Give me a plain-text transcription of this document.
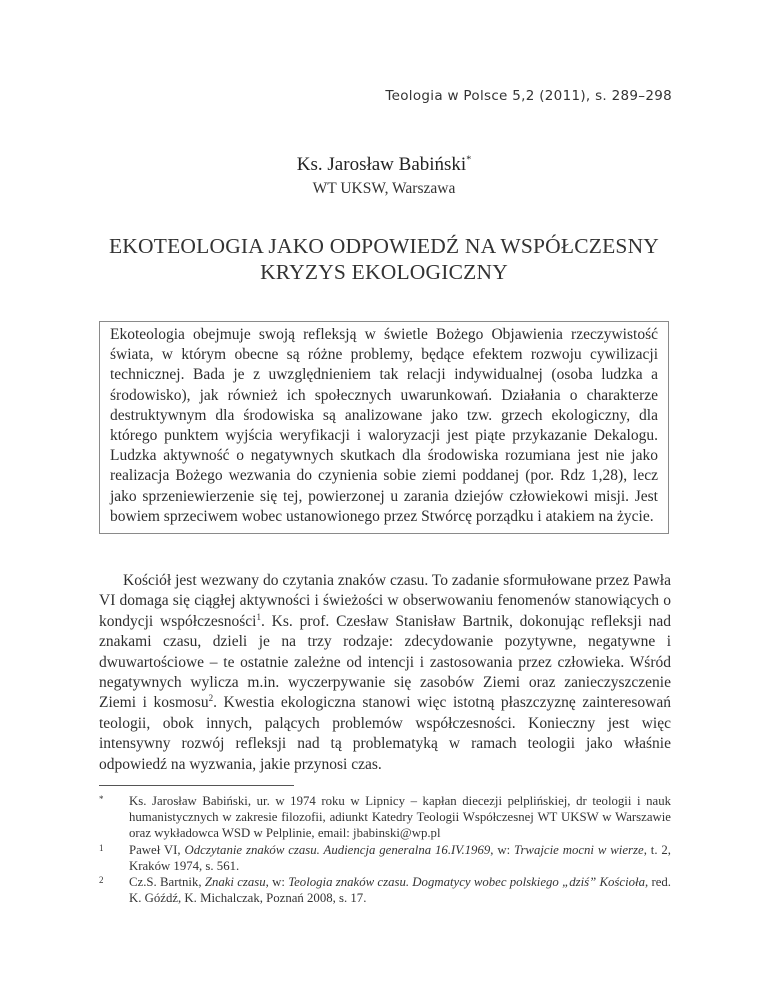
Teologia w Polsce 5,2 (2011), s. 289–298
Ks. Jarosław Babiński*
WT UKSW, Warszawa
EKOTEOLOGIA JAKO ODPOWIEDŹ NA WSPÓŁCZESNY
KRYZYS EKOLOGICZNY
Ekoteologia obejmuje swoją refleksją w świetle Bożego Objawienia rzeczywistość świata, w którym obecne są różne problemy, będące efektem rozwoju cywilizacji technicznej. Bada je z uwzględnieniem tak relacji indywidualnej (osoba ludzka a środowisko), jak również ich społecznych uwarunkowań. Działania o charakterze destruktywnym dla środowiska są analizowane jako tzw. grzech ekologiczny, dla którego punktem wyjścia weryfikacji i waloryzacji jest piąte przykazanie Dekalogu. Ludzka aktywność o negatywnych skutkach dla środowiska rozumiana jest nie jako realizacja Bożego wezwania do czynienia sobie ziemi poddanej (por. Rdz 1,28), lecz jako sprzeniewierzenie się tej, powierzonej u zarania dziejów człowiekowi misji. Jest bowiem sprzeciwem wobec ustanowionego przez Stwórcę porządku i atakiem na życie.

Kościół jest wezwany do czytania znaków czasu. To zadanie sformułowane przez Pawła VI domaga się ciągłej aktywności i świeżości w obserwowaniu fenomenów stanowiących o kondycji współczesności$^1$. Ks. prof. Czesław Stanisław Bartnik, dokonując refleksji nad znakami czasu, dzieli je na trzy rodzaje: zdecydowanie pozytywne, negatywne i dwuwartościowe – te ostatnie zależne od intencji i zastosowania przez człowieka. Wśród negatywnych wylicza m.in. wyczerpywanie się zasobów Ziemi oraz zanieczyszczenie Ziemi i kosmosu$^2$. Kwestia ekologiczna stanowi więc istotną płaszczyznę zainteresowań teologii, obok innych, palących problemów współczesności. Konieczny jest więc intensywny rozwój refleksji nad tą problematyką w ramach teologii jako właśnie odpowiedź na wyzwania, jakie przynosi czas.

* Ks. Jarosław Babiński, ur. w 1974 roku w Lipnicy – kapłan diecezji pelplińskiej, dr teologii i nauk humanistycznych w zakresie filozofii, adiunkt Katedry Teologii Współczesnej WT UKSW w Warszawie oraz wykładowca WSD w Pelplinie, email: jbabinski@wp.pl
1 Paweł VI, Odczytanie znaków czasu. Audiencja generalna 16.IV.1969, w: Trwajcie mocni w wierze, t. 2, Kraków 1974, s. 561.
2 Cz.S. Bartnik, Znaki czasu, w: Teologia znaków czasu. Dogmatycy wobec polskiego „dziś” Kościoła, red. K. Góźdź, K. Michalczak, Poznań 2008, s. 17.
